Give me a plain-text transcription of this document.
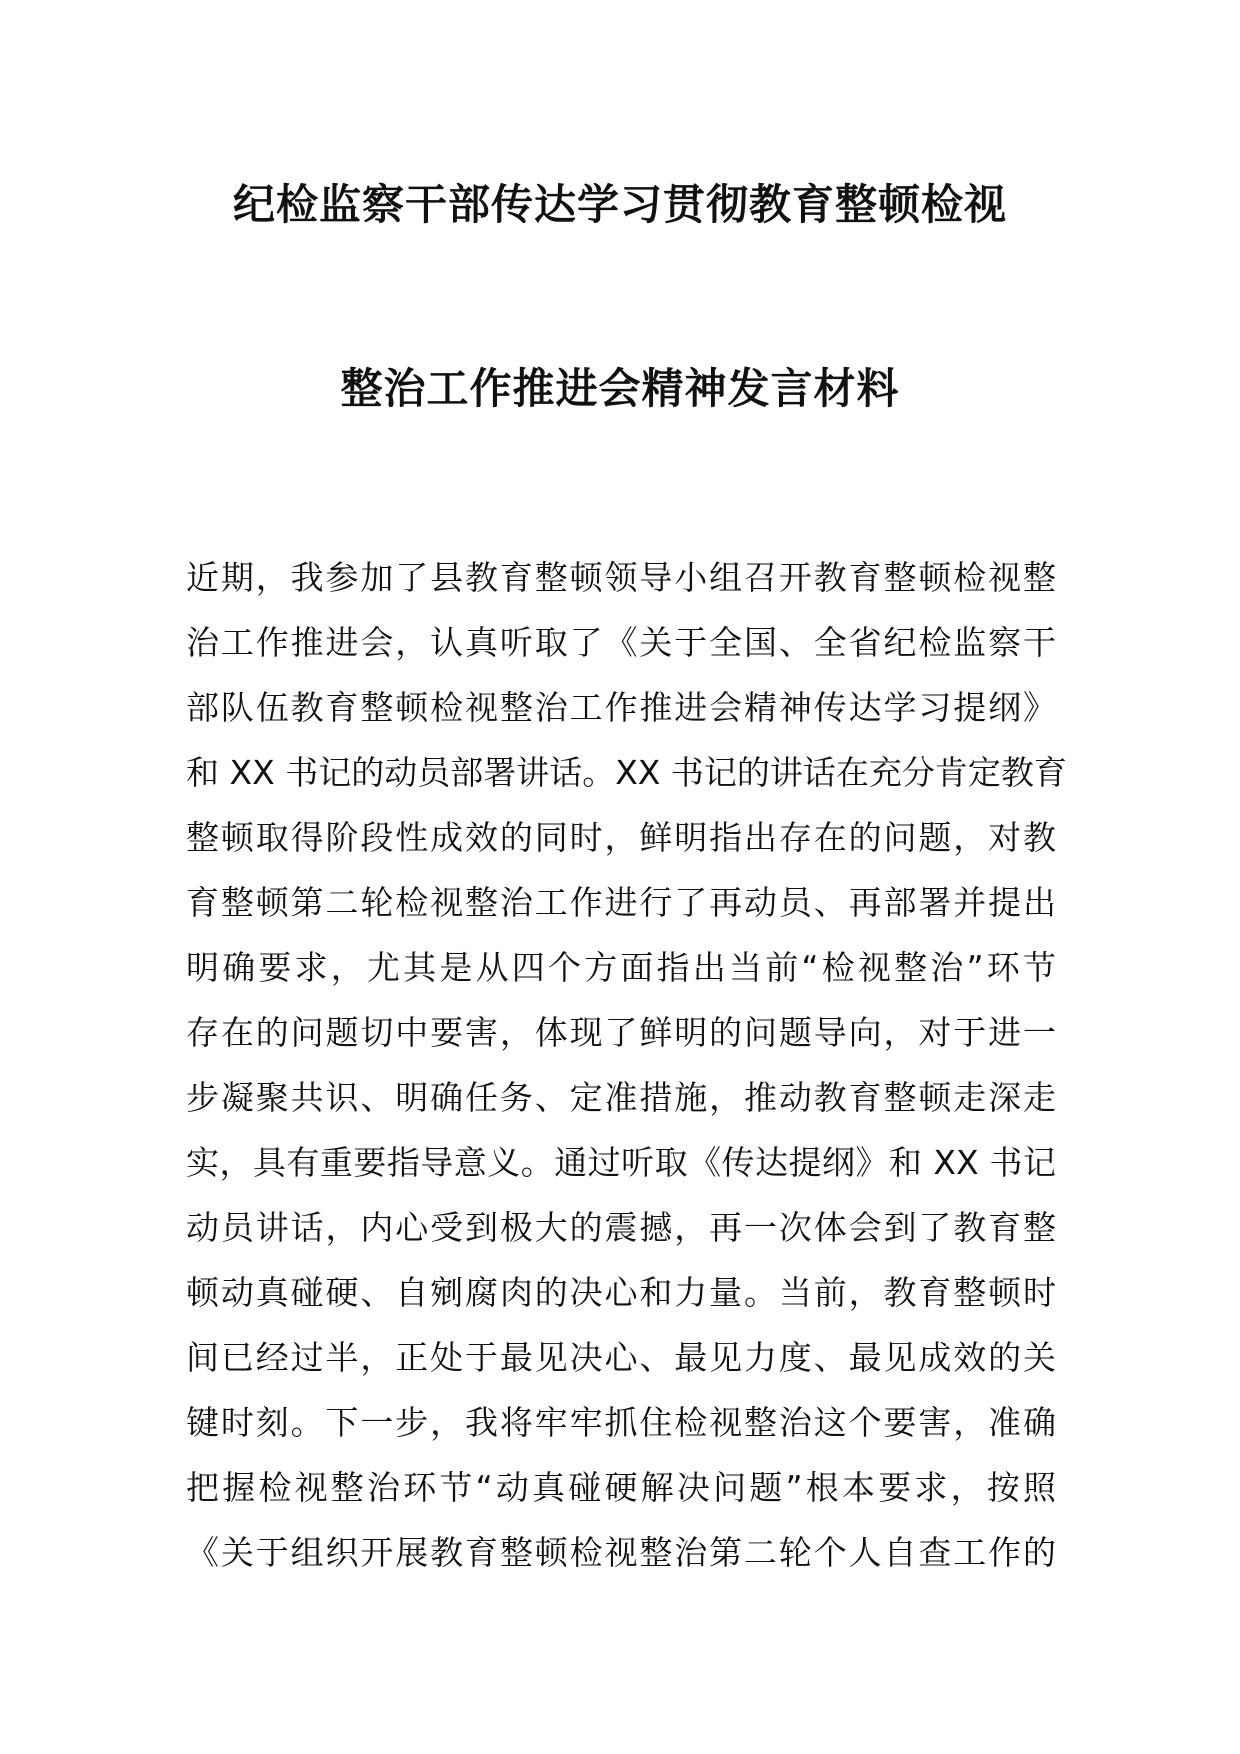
纪检监察干部传达学习贯彻教育整顿检视
整治工作推进会精神发言材料
近期，我参加了县教育整顿领导小组召开教育整顿检视整
治工作推进会，认真听取了《关于全国、全省纪检监察干
部队伍教育整顿检视整治工作推进会精神传达学习提纲》
和 XX 书记的动员部署讲话。XX 书记的讲话在充分肯定教育
整顿取得阶段性成效的同时，鲜明指出存在的问题，对教
育整顿第二轮检视整治工作进行了再动员、再部署并提出
明确要求，尤其是从四个方面指出当前“检视整治”环节
存在的问题切中要害，体现了鲜明的问题导向，对于进一
步凝聚共识、明确任务、定准措施，推动教育整顿走深走
实，具有重要指导意义。通过听取《传达提纲》和 XX 书记
动员讲话，内心受到极大的震撼，再一次体会到了教育整
顿动真碰硬、自剜腐肉的决心和力量。当前，教育整顿时
间已经过半，正处于最见决心、最见力度、最见成效的关
键时刻。下一步，我将牢牢抓住检视整治这个要害，准确
把握检视整治环节“动真碰硬解决问题”根本要求，按照
《关于组织开展教育整顿检视整治第二轮个人自查工作的
